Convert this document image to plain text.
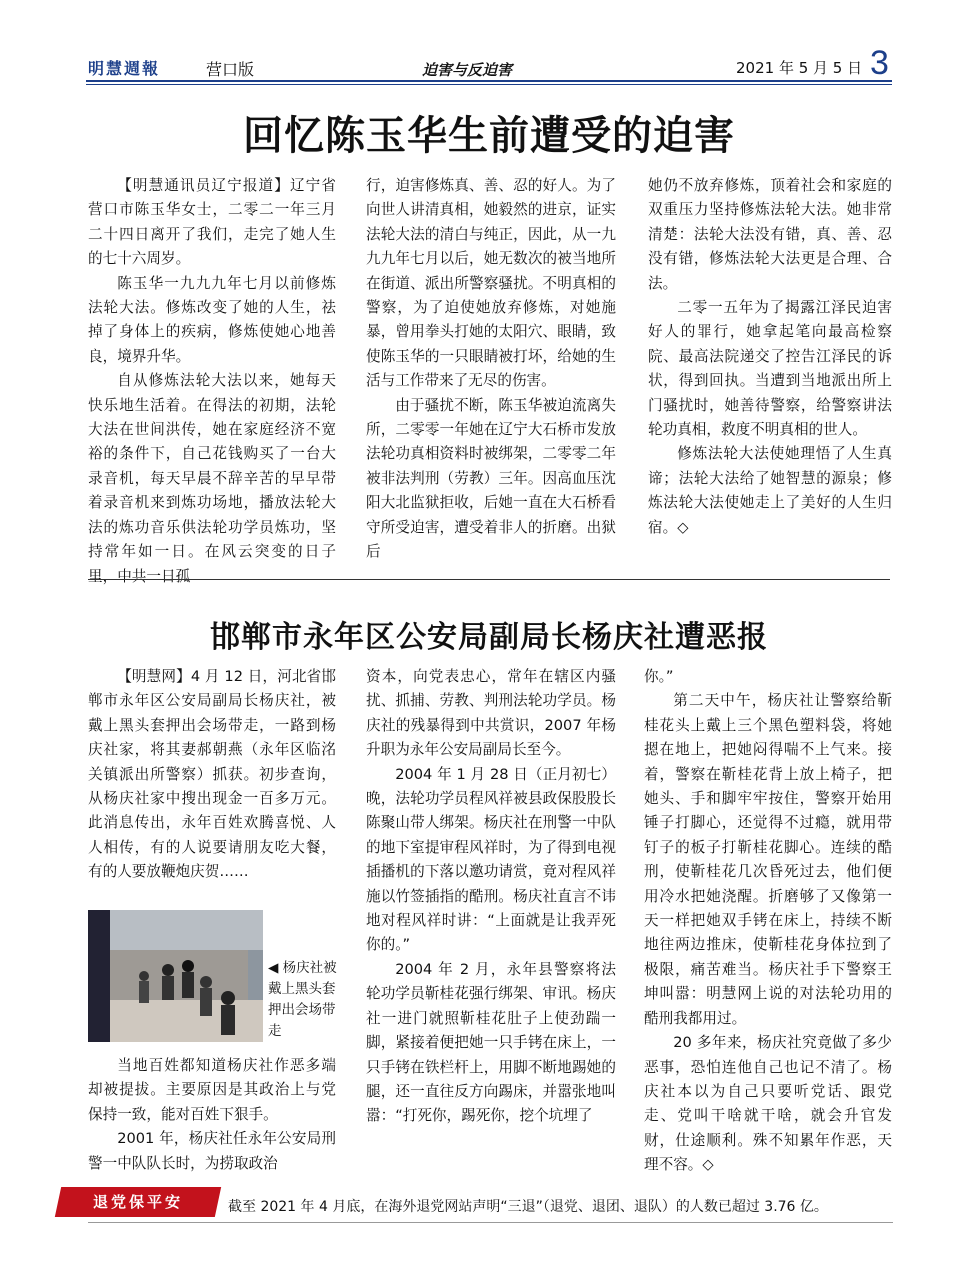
明慧週報	营口版	迫害与反迫害	2021 年 5 月 5 日 3
回忆陈玉华生前遭受的迫害

【明慧通讯员辽宁报道】辽宁省营口市陈玉华女士，二零二一年三月二十四日离开了我们，走完了她人生的七十六周岁。

陈玉华一九九九年七月以前修炼法轮大法。修炼改变了她的人生，祛掉了身体上的疾病，修炼使她心地善良，境界升华。

自从修炼法轮大法以来，她每天快乐地生活着。在得法的初期，法轮大法在世间洪传，她在家庭经济不宽裕的条件下，自己花钱购买了一台大录音机，每天早晨不辞辛苦的早早带着录音机来到炼功场地，播放法轮大法的炼功音乐供法轮功学员炼功，坚持常年如一日。在风云突变的日子里，中共一日孤

行，迫害修炼真、善、忍的好人。为了向世人讲清真相，她毅然的进京，证实法轮大法的清白与纯正，因此，从一九九九年七月以后，她无数次的被当地所在街道、派出所警察骚扰。不明真相的警察，为了迫使她放弃修炼，对她施暴，曾用拳头打她的太阳穴、眼睛，致使陈玉华的一只眼睛被打坏，给她的生活与工作带来了无尽的伤害。

由于骚扰不断，陈玉华被迫流离失所，二零零一年她在辽宁大石桥市发放法轮功真相资料时被绑架，二零零二年被非法判刑（劳教）三年。因高血压沈阳大北监狱拒收，后她一直在大石桥看守所受迫害，遭受着非人的折磨。出狱后

她仍不放弃修炼，顶着社会和家庭的双重压力坚持修炼法轮大法。她非常清楚：法轮大法没有错，真、善、忍没有错，修炼法轮大法更是合理、合法。

二零一五年为了揭露江泽民迫害好人的罪行，她拿起笔向最高检察院、最高法院递交了控告江泽民的诉状，得到回执。当遭到当地派出所上门骚扰时，她善待警察，给警察讲法轮功真相，救度不明真相的世人。

修炼法轮大法使她理悟了人生真谛；法轮大法给了她智慧的源泉；修炼法轮大法使她走上了美好的人生归宿。◇

邯郸市永年区公安局副局长杨庆社遭恶报

【明慧网】4 月 12 日，河北省邯郸市永年区公安局副局长杨庆社，被戴上黑头套押出会场带走，一路到杨庆社家，将其妻郝朝燕（永年区临洺关镇派出所警察）抓获。初步查询，从杨庆社家中搜出现金一百多万元。此消息传出，永年百姓欢腾喜悦、人人相传，有的人说要请朋友吃大餐，有的人要放鞭炮庆贺……

◀ 杨庆社被戴上黑头套押出会场带走

当地百姓都知道杨庆社作恶多端却被提拔。主要原因是其政治上与党保持一致，能对百姓下狠手。

2001 年，杨庆社任永年公安局刑警一中队队长时，为捞取政治

资本，向党表忠心，常年在辖区内骚扰、抓捕、劳教、判刑法轮功学员。杨庆社的残暴得到中共赏识，2007 年杨升职为永年公安局副局长至今。

2004 年 1 月 28 日（正月初七）晚，法轮功学员程风祥被县政保股股长陈聚山带人绑架。杨庆社在刑警一中队的地下室提审程风祥时，为了得到电视插播机的下落以邀功请赏，竟对程风祥施以竹签插指的酷刑。杨庆社直言不讳地对程风祥时讲：“上面就是让我弄死你的。”

2004 年 2 月，永年县警察将法轮功学员靳桂花强行绑架、审讯。杨庆社一进门就照靳桂花肚子上使劲踹一脚，紧接着便把她一只手铐在床上，一只手铐在铁栏杆上，用脚不断地踢她的腿，还一直往反方向踢床，并嚣张地叫嚣：“打死你，踢死你，挖个坑埋了

你。”

第二天中午，杨庆社让警察给靳桂花头上戴上三个黑色塑料袋，将她摁在地上，把她闷得喘不上气来。接着，警察在靳桂花背上放上椅子，把她头、手和脚牢牢按住，警察开始用锤子打脚心，还觉得不过瘾，就用带钉子的板子打靳桂花脚心。连续的酷刑，使靳桂花几次昏死过去，他们便用冷水把她浇醒。折磨够了又像第一天一样把她双手铐在床上，持续不断地往两边推床，使靳桂花身体拉到了极限，痛苦难当。杨庆社手下警察王坤叫嚣：明慧网上说的对法轮功用的酷刑我都用过。

20 多年来，杨庆社究竟做了多少恶事，恐怕连他自己也记不清了。杨庆社本以为自己只要听党话、跟党走、党叫干啥就干啥，就会升官发财，仕途顺利。殊不知累年作恶，天理不容。◇

退党保平安	截至 2021 年 4 月底，在海外退党网站声明“三退”（退党、退团、退队）的人数已超过 3.76 亿。
